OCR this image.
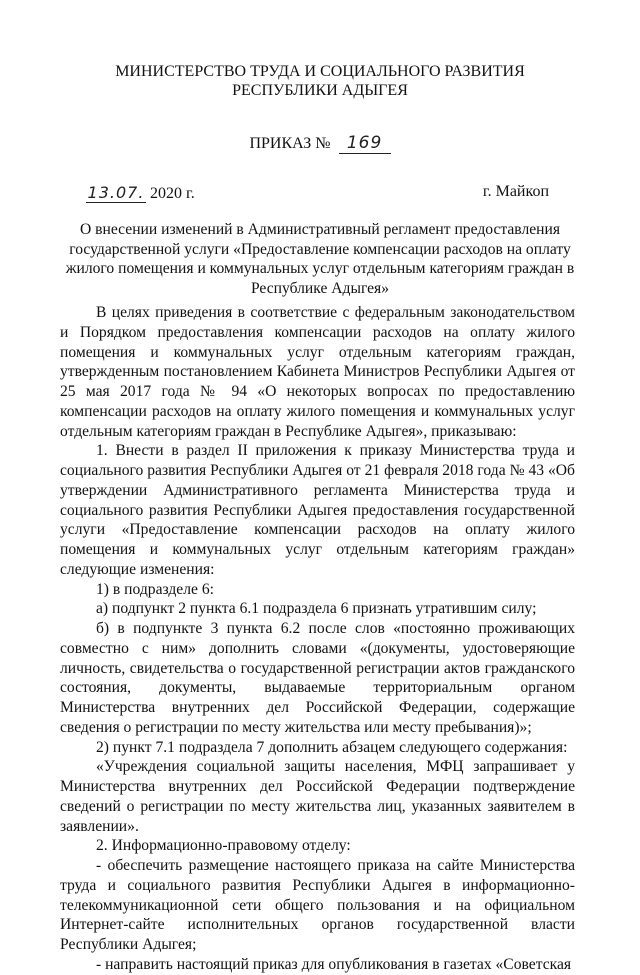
МИНИСТЕРСТВО ТРУДА И СОЦИАЛЬНОГО РАЗВИТИЯ
РЕСПУБЛИКИ АДЫГЕЯ
ПРИКАЗ № 169
13.07. 2020 г.	г. Майкоп
О внесении изменений в Административный регламент предоставления государственной услуги «Предоставление компенсации расходов на оплату жилого помещения и коммунальных услуг отдельным категориям граждан в Республике Адыгея»

В целях приведения в соответствие с федеральным законодательством и Порядком предоставления компенсации расходов на оплату жилого помещения и коммунальных услуг отдельным категориям граждан, утвержденным постановлением Кабинета Министров Республики Адыгея от 25 мая 2017 года № 94 «О некоторых вопросах по предоставлению компенсации расходов на оплату жилого помещения и коммунальных услуг отдельным категориям граждан в Республике Адыгея», приказываю:

1. Внести в раздел II приложения к приказу Министерства труда и социального развития Республики Адыгея от 21 февраля 2018 года № 43 «Об утверждении Административного регламента Министерства труда и социального развития Республики Адыгея предоставления государственной услуги «Предоставление компенсации расходов на оплату жилого помещения и коммунальных услуг отдельным категориям граждан» следующие изменения:

1) в подразделе 6:

а) подпункт 2 пункта 6.1 подраздела 6 признать утратившим силу;

б) в подпункте 3 пункта 6.2 после слов «постоянно проживающих совместно с ним» дополнить словами «(документы, удостоверяющие личность, свидетельства о государственной регистрации актов гражданского состояния, документы, выдаваемые территориальным органом Министерства внутренних дел Российской Федерации, содержащие сведения о регистрации по месту жительства или месту пребывания)»;

2) пункт 7.1 подраздела 7 дополнить абзацем следующего содержания:

«Учреждения социальной защиты населения, МФЦ запрашивает у Министерства внутренних дел Российской Федерации подтверждение сведений о регистрации по месту жительства лиц, указанных заявителем в заявлении».

2. Информационно-правовому отделу:

- обеспечить размещение настоящего приказа на сайте Министерства труда и социального развития Республики Адыгея в информационно-телекоммуникационной сети общего пользования и на официальном Интернет-сайте исполнительных органов государственной власти Республики Адыгея;

- направить настоящий приказ для опубликования в газетах «Советская
